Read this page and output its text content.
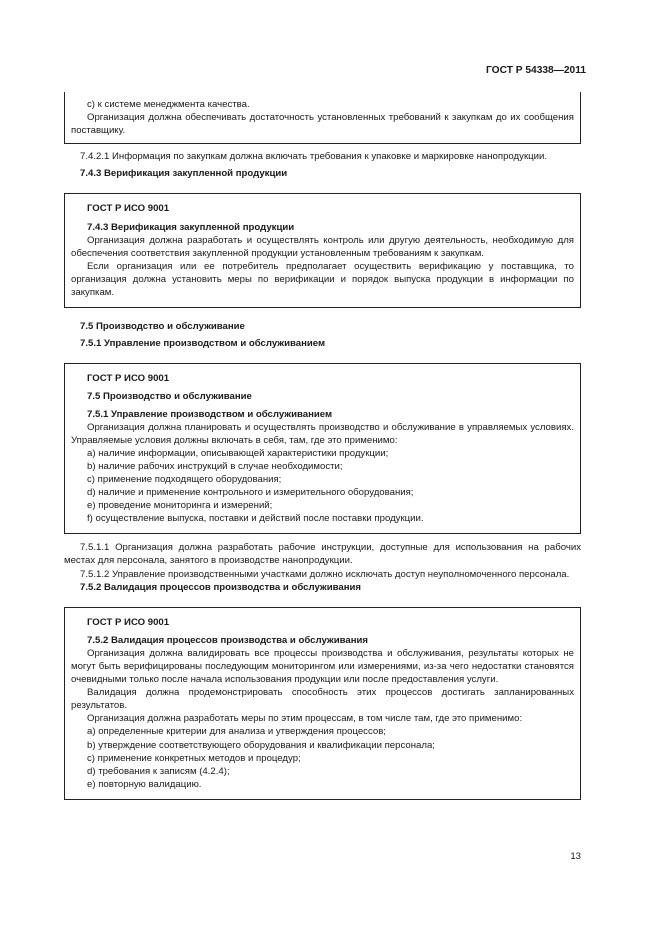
ГОСТ Р 54338—2011

c) к системе менеджмента качества.

Организация должна обеспечивать достаточность установленных требований к закупкам до их сообщения поставщику.

7.4.2.1 Информация по закупкам должна включать требования к упаковке и маркировке нанопродукции.

7.4.3 Верификация закупленной продукции

ГОСТ Р ИСО 9001

7.4.3 Верификация закупленной продукции

Организация должна разработать и осуществлять контроль или другую деятельность, необходимую для обеспечения соответствия закупленной продукции установленным требованиям к закупкам.

Если организация или ее потребитель предполагает осуществить верификацию у поставщика, то организация должна установить меры по верификации и порядок выпуска продукции в информации по закупкам.

7.5 Производство и обслуживание

7.5.1 Управление производством и обслуживанием

ГОСТ Р ИСО 9001

7.5 Производство и обслуживание

7.5.1 Управление производством и обслуживанием

Организация должна планировать и осуществлять производство и обслуживание в управляемых условиях. Управляемые условия должны включать в себя, там, где это применимо:

a) наличие информации, описывающей характеристики продукции;

b) наличие рабочих инструкций в случае необходимости;

c) применение подходящего оборудования;

d) наличие и применение контрольного и измерительного оборудования;

e) проведение мониторинга и измерений;

f) осуществление выпуска, поставки и действий после поставки продукции.

7.5.1.1 Организация должна разработать рабочие инструкции, доступные для использования на рабочих местах для персонала, занятого в производстве нанопродукции.

7.5.1.2 Управление производственными участками должно исключать доступ неуполномоченного персонала.

7.5.2 Валидация процессов производства и обслуживания

ГОСТ Р ИСО 9001

7.5.2 Валидация процессов производства и обслуживания

Организация должна валидировать все процессы производства и обслуживания, результаты которых не могут быть верифицированы последующим мониторингом или измерениями, из-за чего недостатки становятся очевидными только после начала использования продукции или после предоставления услуги.

Валидация должна продемонстрировать способность этих процессов достигать запланированных результатов.

Организация должна разработать меры по этим процессам, в том числе там, где это применимо:

a) определенные критерии для анализа и утверждения процессов;

b) утверждение соответствующего оборудования и квалификации персонала;

c) применение конкретных методов и процедур;

d) требования к записям (4.2.4);

e) повторную валидацию.

13
